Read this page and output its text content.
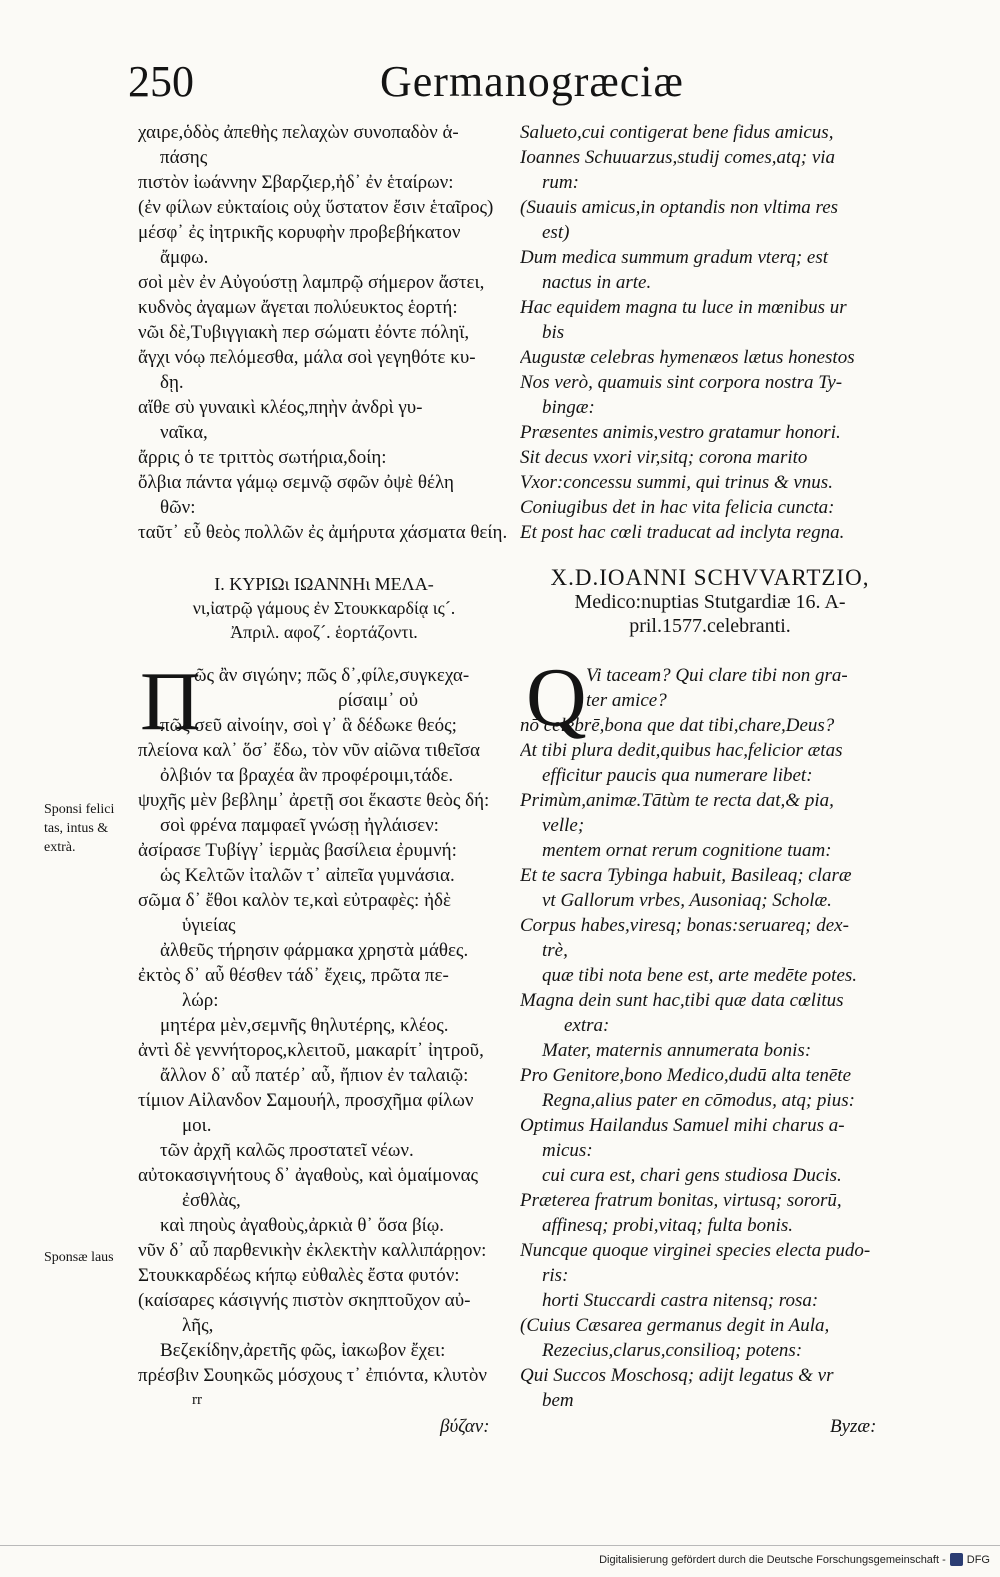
250	Germanogræciæ
χαιρε,ὁδὸς ἀπεθὴς πελαχὼν συνοπαδὸν ἁ-
πάσης
πιστὸν ἰωάννην Σβαρζιερ,ἠδ᾽ ἐν ἑταίρων:
(ἐν φίλων εὐκταίοις οὐχ ὕστατον ἔσιν ἑταῖρος)
μέσφ᾽ ἐς ἰητρικῆς κορυφὴν προβεβήκατον
ἄμφω.
σοὶ μὲν ἐν Αὐγούστῃ λαμπρῷ σήμερον ἄστει,
κυδνὸς ἀγαμων ἄγεται πολύευκτος ἑορτή:
νῶι δὲ,Τυβιγγιακὴ περ σώματι ἐόντε πόληϊ,
ἄγχι νόῳ πελόμεσθα, μάλα σοὶ γεγηθότε κυ-
δῃ.
αἴθε σὺ γυναικὶ κλέος,πηὴν ἀνδρὶ γυ-
ναῖκα,
ἄρρις ὁ τε τριττὸς σωτήρια,δοίη:
ὄλβια πάντα γάμῳ σεμνῷ σφῶν ὀψὲ θέλη
θῶν:
ταῦτ᾽ εὖ θεὸς πολλῶν ἐς ἀμήρυτα χάσματα θείη.
Salueto,cui contigerat bene fidus amicus,
Ioannes Schuuarzus,studij comes,atq; via
rum:
(Suauis amicus,in optandis non vltima res
est)
Dum medica summum gradum vterq; est
nactus in arte.
Hac equidem magna tu luce in mœnibus ur
bis
Augustæ celebras hymenæos lætus honestos
Nos verò, quamuis sint corpora nostra Ty-
bingæ:
Præsentes animis,vestro gratamur honori.
Sit decus vxori vir,sitq; corona marito
Vxor:concessu summi, qui trinus & vnus.
Coniugibus det in hac vita felicia cuncta:
Et post hac cœli traducat ad inclyta regna.
Ι. ΚΥΡΙΩι ΙΩΑΝΝΗι ΜΕΛΑ-
νι,ἰατρῷ γάμους ἐν Στουκκαρδίᾳ ις´.
Ἀπριλ. αφοζ´. ἑορτάζοντι.
X.D.IOANNI SCHVVARTZIO,
Medico:nuptias Stutgardiæ 16. A-
pril.1577.celebranti.
Π	Q
ῶς ἂν σιγώην; πῶς δ᾽,φίλε,συγκεχα-
ρίσαιμ᾽ οὐ
πῶς σεῦ αἰνοίην, σοὶ γ᾽ ἃ δέδωκε θεός;
πλείονα καλ᾽ ὅσ᾽ ἔδω, τὸν νῦν αἰῶνα τιθεῖσα
ὀλβιόν τα βραχέα ἂν προφέροιμι,τάδε.
ψυχῆς μὲν βεβλημ᾽ ἀρετῇ σοι ἕκαστε θεὸς δή:
σοὶ φρένα παμφαεῖ γνώσῃ ἠγλάισεν:
ἀσίρασε Τυβίγγ᾽ ἱερμὰς βασίλεια ἐρυμνή:
ὡς Κελτῶν ἰταλῶν τ᾽ αἰπεῖα γυμνάσια.
σῶμα δ᾽ ἔθοι καλὸν τε,καὶ εὐτραφὲς: ἠδὲ
ὑγιείας
ἀλθεῦς τήρησιν φάρμακα χρηστὰ μάθες.
ἐκτὸς δ᾽ αὖ θέσθεν τάδ᾽ ἔχεις, πρῶτα πε-
λώρ:
μητέρα μὲν,σεμνῆς θηλυτέρης, κλέος.
ἀντὶ δὲ γεννήτορος,κλειτοῦ, μακαρίτ᾽ ἰητροῦ,
ἄλλον δ᾽ αὖ πατέρ᾽ αὖ, ἤπιον ἐν ταλαιῷ:
τίμιον Αἰλανδον Σαμουήλ, προσχῆμα φίλων
μοι.
τῶν ἀρχῆ καλῶς προστατεῖ νέων.
αὐτοκασιγνήτους δ᾽ ἀγαθοὺς, καὶ ὁμαίμονας
ἐσθλὰς,
καὶ πηοὺς ἀγαθοὺς,ἀρκιὰ θ᾽ ὅσα βίῳ.
νῦν δ᾽ αὖ παρθενικὴν ἐκλεκτὴν καλλιπάρῃον:
Στουκκαρδέως κήπῳ εὐθαλὲς ἔστα φυτόν:
(καίσαρες κάσιγνής πιστὸν σκηπτοῦχον αὐ-
λῆς,
Βεζεκίδην,ἀρετῆς φῶς, ἰακωβον ἔχει:
πρέσβιν Σουηκῶς μόσχους τ᾽ ἐπιόντα, κλυτὸν
Vi taceam? Qui clare tibi non gra-
ter amice?
nō celebrē,bona que dat tibi,chare,Deus?
At tibi plura dedit,quibus hac,felicior ætas
efficitur paucis qua numerare libet:
Primùm,animæ.Tātùm te recta dat,& pia,
velle;
mentem ornat rerum cognitione tuam:
Et te sacra Tybinga habuit, Basileaq; claræ
vt Gallorum vrbes, Ausoniaq; Scholæ.
Corpus habes,viresq; bonas:seruareq; dex-
trè,
quæ tibi nota bene est, arte medēte potes.
Magna dein sunt hac,tibi quæ data cœlitus
extra:
Mater, maternis annumerata bonis:
Pro Genitore,bono Medico,dudū alta tenēte
Regna,alius pater en cōmodus, atq; pius:
Optimus Hailandus Samuel mihi charus a-
micus:
cui cura est, chari gens studiosa Ducis.
Præterea fratrum bonitas, virtusq; sororū,
affinesq; probi,vitaq; fulta bonis.
Nuncque quoque virginei species electa pudo-
ris:
horti Stuccardi castra nitensq; rosa:
(Cuius Cæsarea germanus degit in Aula,
Rezecius,clarus,consilioq; potens:
Qui Succos Moschosq; adijt legatus & vr
bem
Sponsi felici
tas, intus &
extrà.
Sponsæ laus
rr
βύζαν:	Byzæ:
Digitalisierung gefördert durch die Deutsche Forschungsgemeinschaft - DFG
